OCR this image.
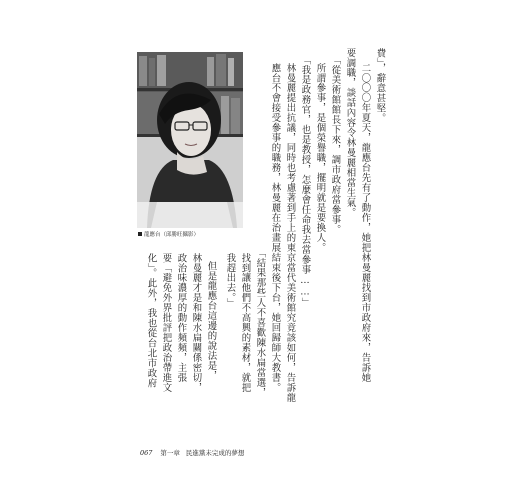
龍應台（邱勝旺攝影）
費」，辭意甚堅。
二〇〇〇年夏天，龍應台先有了動作，她把林曼麗找到市政府來，告訴她
要調職，談話內容令林曼麗相當生氣。
「從美術館館長下來，調市政府當參事。
所謂參事，是個榮譽職，擺明就是要換人。
「我是政務官，也是教授，怎麼會任命我去當參事……」
林曼麗提出抗議，同時也考慮著到手上的東京當代美術館究竟該如何，告訴龍
應台不會接受參事的職務，林曼麗在治畫展結束後下台，她回歸師大教書。
「結果那些人不喜歡陳水扁當選，
找到讓他們不高興的素材，就把
我趕出去。」
但是龍應台這邊的說法是，
林曼麗才是和陳水扁關係密切，
政治味濃厚的動作頻頻，主張
要「避免外界批評把政治帶進文
化」。此外，我也從台北市政府
067 第一章 民進黨未完成的夢想
